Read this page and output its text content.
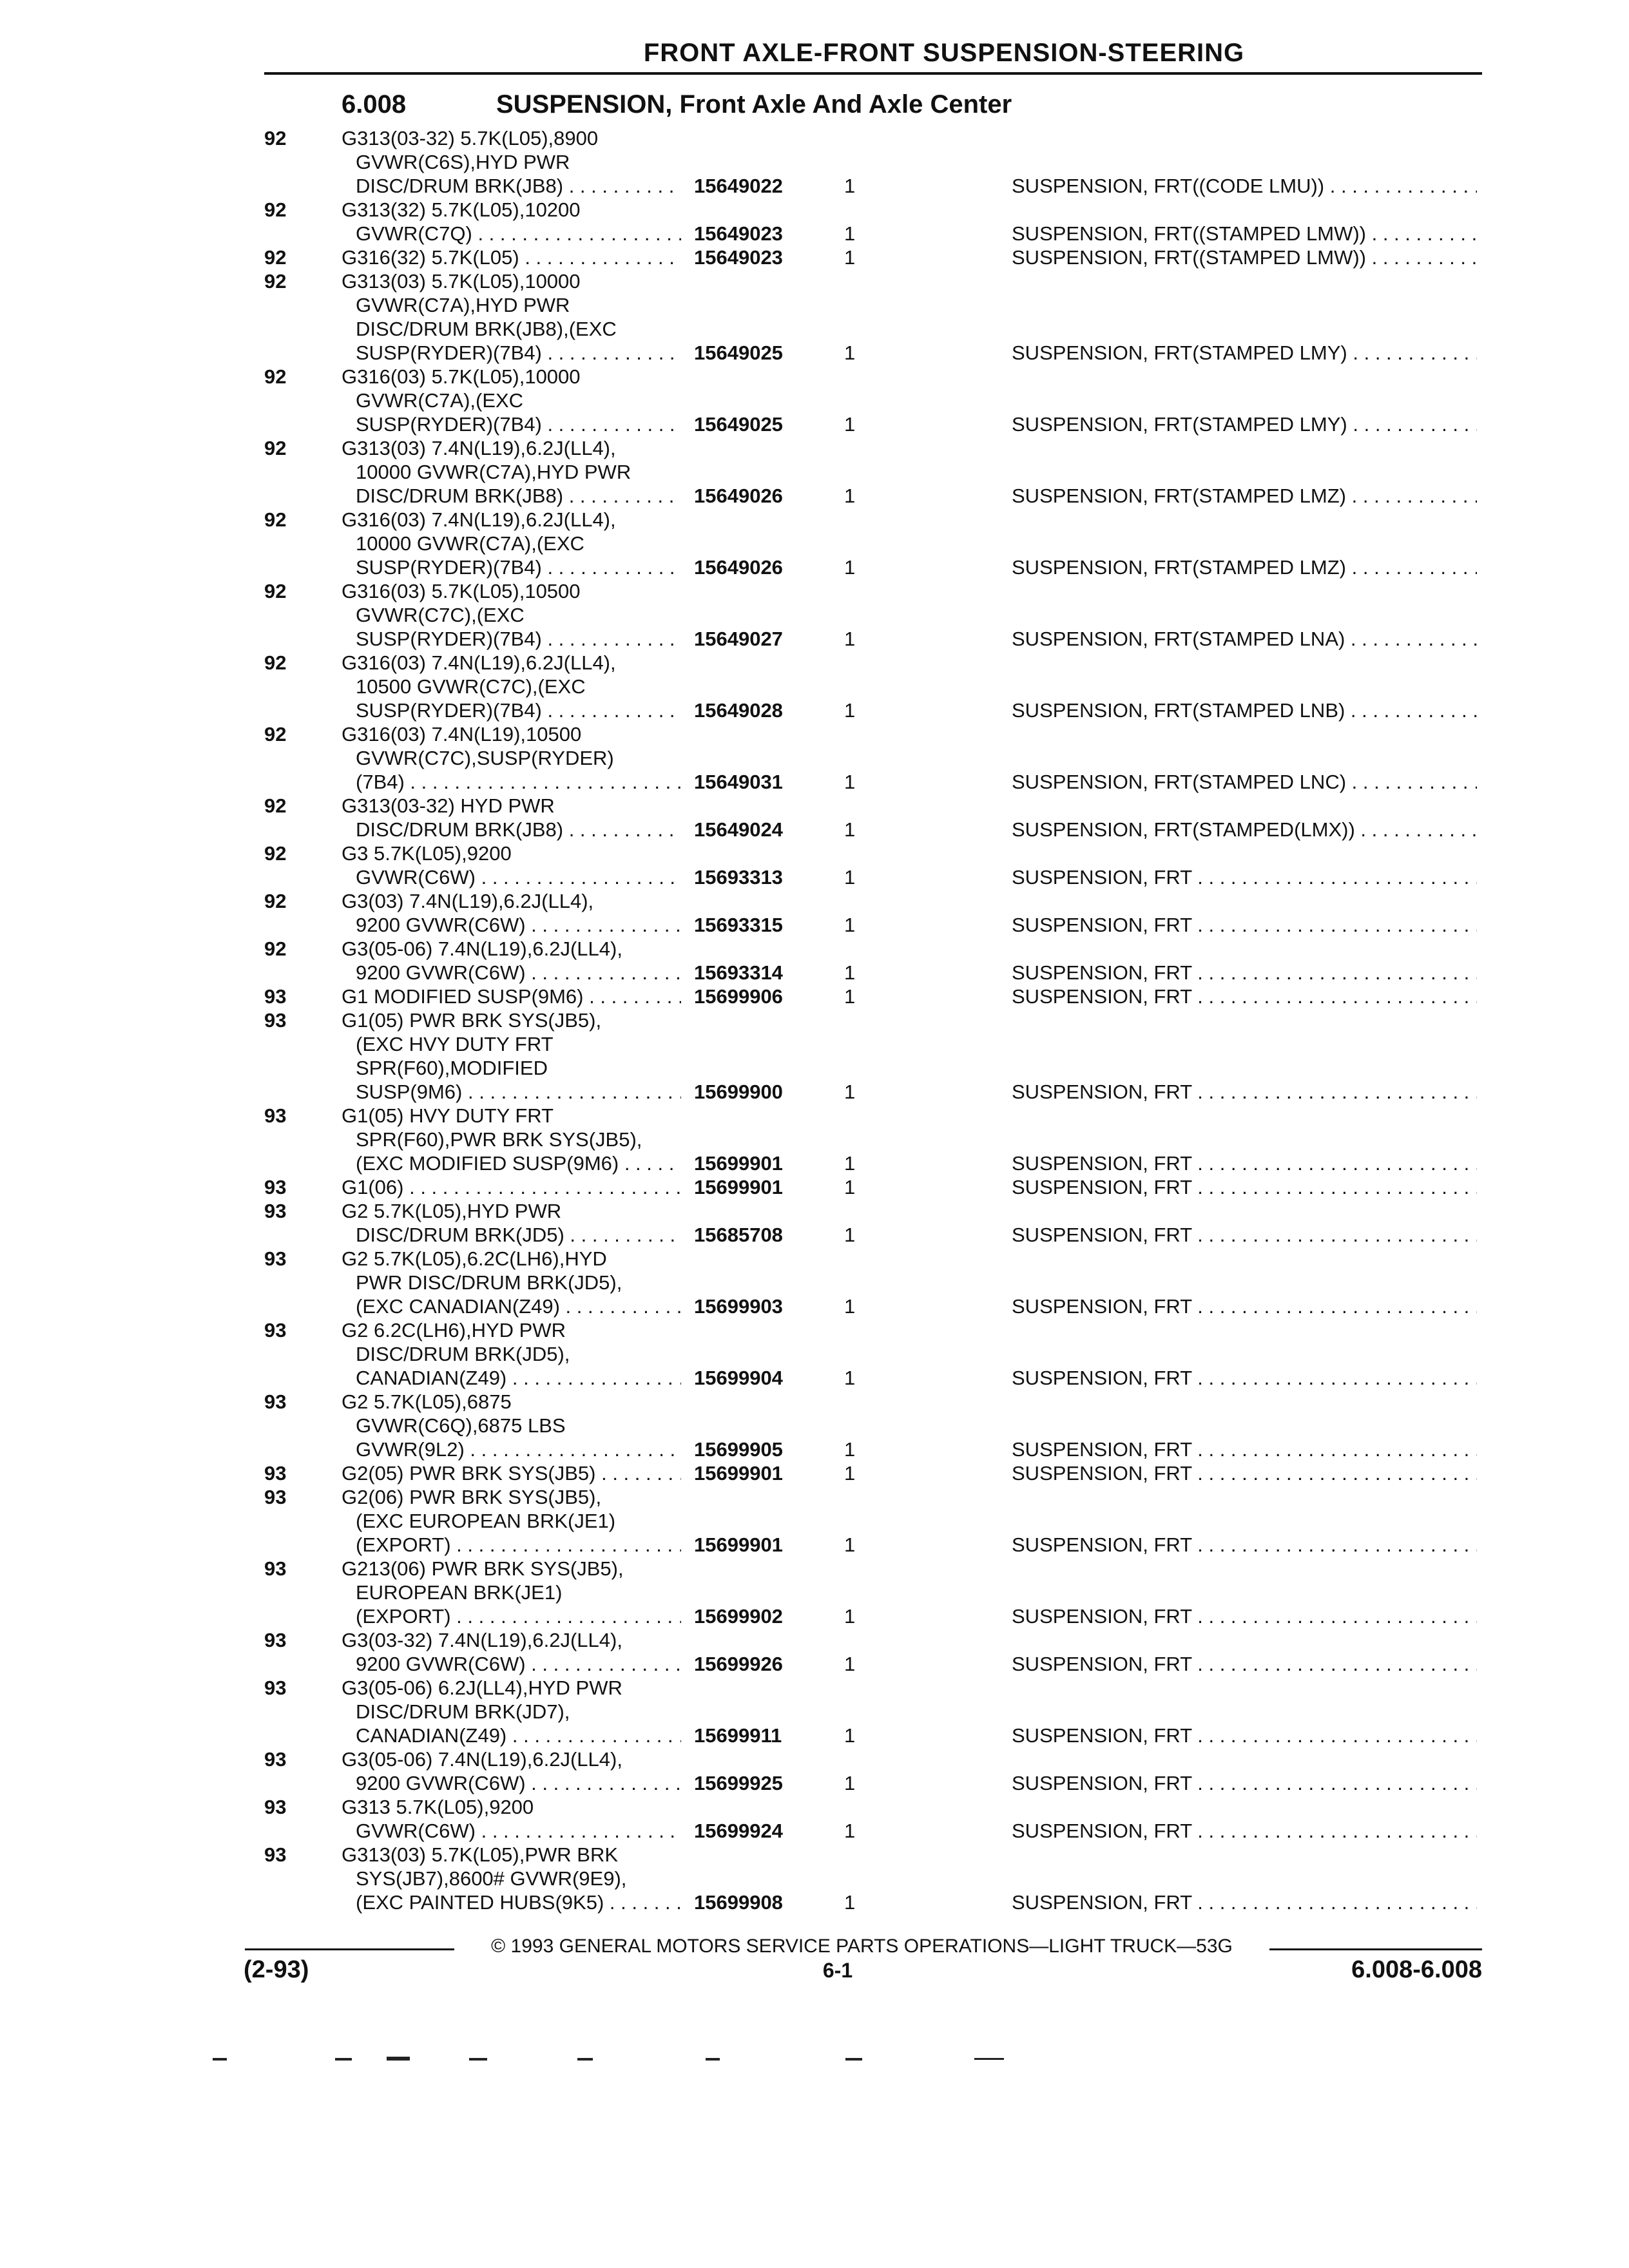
FRONT AXLE-FRONT SUSPENSION-STEERING
6.008	SUSPENSION, Front Axle And Axle Center
92	G313(03-32) 5.7K(L05),8900
GVWR(C6S),HYD PWR
DISC/DRUM BRK(JB8) . . .	15649022	1	SUSPENSION, FRT((CODE LMU)) . . .
92	G313(32) 5.7K(L05),10200
GVWR(C7Q) . . .	15649023	1	SUSPENSION, FRT((STAMPED LMW)) . . .
92	G316(32) 5.7K(L05) . . .	15649023	1	SUSPENSION, FRT((STAMPED LMW)) . . .
92	G313(03) 5.7K(L05),10000
GVWR(C7A),HYD PWR
DISC/DRUM BRK(JB8),(EXC
SUSP(RYDER)(7B4) . . .	15649025	1	SUSPENSION, FRT(STAMPED LMY) . . .
92	G316(03) 5.7K(L05),10000
GVWR(C7A),(EXC
SUSP(RYDER)(7B4) . . .	15649025	1	SUSPENSION, FRT(STAMPED LMY) . . .
92	G313(03) 7.4N(L19),6.2J(LL4),
10000 GVWR(C7A),HYD PWR
DISC/DRUM BRK(JB8) . . .	15649026	1	SUSPENSION, FRT(STAMPED LMZ) . . .
92	G316(03) 7.4N(L19),6.2J(LL4),
10000 GVWR(C7A),(EXC
SUSP(RYDER)(7B4) . . .	15649026	1	SUSPENSION, FRT(STAMPED LMZ) . . .
92	G316(03) 5.7K(L05),10500
GVWR(C7C),(EXC
SUSP(RYDER)(7B4) . . .	15649027	1	SUSPENSION, FRT(STAMPED LNA) . . .
92	G316(03) 7.4N(L19),6.2J(LL4),
10500 GVWR(C7C),(EXC
SUSP(RYDER)(7B4) . . .	15649028	1	SUSPENSION, FRT(STAMPED LNB) . . .
92	G316(03) 7.4N(L19),10500
GVWR(C7C),SUSP(RYDER)
(7B4) . . .	15649031	1	SUSPENSION, FRT(STAMPED LNC) . . .
92	G313(03-32) HYD PWR
DISC/DRUM BRK(JB8) . . .	15649024	1	SUSPENSION, FRT(STAMPED(LMX)) . . .
92	G3 5.7K(L05),9200
GVWR(C6W) . . .	15693313	1	SUSPENSION, FRT . . .
92	G3(03) 7.4N(L19),6.2J(LL4),
9200 GVWR(C6W) . . .	15693315	1	SUSPENSION, FRT . . .
92	G3(05-06) 7.4N(L19),6.2J(LL4),
9200 GVWR(C6W) . . .	15693314	1	SUSPENSION, FRT . . .
93	G1 MODIFIED SUSP(9M6) . . .	15699906	1	SUSPENSION, FRT . . .
93	G1(05) PWR BRK SYS(JB5),
(EXC HVY DUTY FRT
SPR(F60),MODIFIED
SUSP(9M6) . . .	15699900	1	SUSPENSION, FRT . . .
93	G1(05) HVY DUTY FRT
SPR(F60),PWR BRK SYS(JB5),
(EXC MODIFIED SUSP(9M6) . . .	15699901	1	SUSPENSION, FRT . . .
93	G1(06) . . .	15699901	1	SUSPENSION, FRT . . .
93	G2 5.7K(L05),HYD PWR
DISC/DRUM BRK(JD5) . . .	15685708	1	SUSPENSION, FRT . . .
93	G2 5.7K(L05),6.2C(LH6),HYD
PWR DISC/DRUM BRK(JD5),
(EXC CANADIAN(Z49) . . .	15699903	1	SUSPENSION, FRT . . .
93	G2 6.2C(LH6),HYD PWR
DISC/DRUM BRK(JD5),
CANADIAN(Z49) . . .	15699904	1	SUSPENSION, FRT . . .
93	G2 5.7K(L05),6875
GVWR(C6Q),6875 LBS
GVWR(9L2) . . .	15699905	1	SUSPENSION, FRT . . .
93	G2(05) PWR BRK SYS(JB5) . . .	15699901	1	SUSPENSION, FRT . . .
93	G2(06) PWR BRK SYS(JB5),
(EXC EUROPEAN BRK(JE1)
(EXPORT) . . .	15699901	1	SUSPENSION, FRT . . .
93	G213(06) PWR BRK SYS(JB5),
EUROPEAN BRK(JE1)
(EXPORT) . . .	15699902	1	SUSPENSION, FRT . . .
93	G3(03-32) 7.4N(L19),6.2J(LL4),
9200 GVWR(C6W) . . .	15699926	1	SUSPENSION, FRT . . .
93	G3(05-06) 6.2J(LL4),HYD PWR
DISC/DRUM BRK(JD7),
CANADIAN(Z49) . . .	15699911	1	SUSPENSION, FRT . . .
93	G3(05-06) 7.4N(L19),6.2J(LL4),
9200 GVWR(C6W) . . .	15699925	1	SUSPENSION, FRT . . .
93	G313 5.7K(L05),9200
GVWR(C6W) . . .	15699924	1	SUSPENSION, FRT . . .
93	G313(03) 5.7K(L05),PWR BRK
SYS(JB7),8600# GVWR(9E9),
(EXC PAINTED HUBS(9K5) . . .	15699908	1	SUSPENSION, FRT . . .
© 1993 GENERAL MOTORS SERVICE PARTS OPERATIONS—LIGHT TRUCK—53G
(2-93)	6-1	6.008-6.008
